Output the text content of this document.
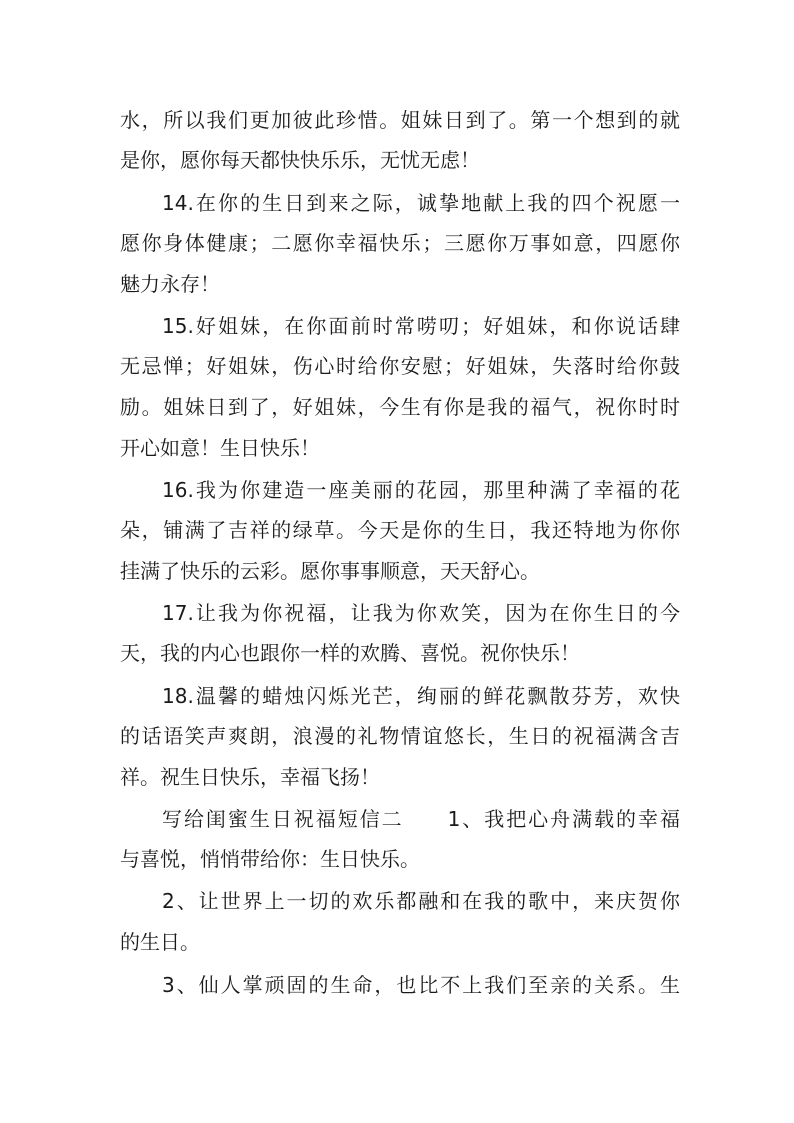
水，所以我们更加彼此珍惜。姐妹日到了。第一个想到的就
是你，愿你每天都快快乐乐，无忧无虑！
14.在你的生日到来之际，诚挚地献上我的四个祝愿一
愿你身体健康；二愿你幸福快乐；三愿你万事如意，四愿你
魅力永存！
15.好姐妹，在你面前时常唠叨；好姐妹，和你说话肆
无忌惮；好姐妹，伤心时给你安慰；好姐妹，失落时给你鼓
励。姐妹日到了，好姐妹，今生有你是我的福气，祝你时时
开心如意！生日快乐！
16.我为你建造一座美丽的花园，那里种满了幸福的花
朵，铺满了吉祥的绿草。今天是你的生日，我还特地为你你
挂满了快乐的云彩。愿你事事顺意，天天舒心。
17.让我为你祝福，让我为你欢笑，因为在你生日的今
天，我的内心也跟你一样的欢腾、喜悦。祝你快乐！
18.温馨的蜡烛闪烁光芒，绚丽的鲜花飘散芬芳，欢快
的话语笑声爽朗，浪漫的礼物情谊悠长，生日的祝福满含吉
祥。祝生日快乐，幸福飞扬！
写给闺蜜生日祝福短信二　　1、我把心舟满载的幸福
与喜悦，悄悄带给你：生日快乐。
2、让世界上一切的欢乐都融和在我的歌中，来庆贺你
的生日。
3、仙人掌顽固的生命，也比不上我们至亲的关系。生
